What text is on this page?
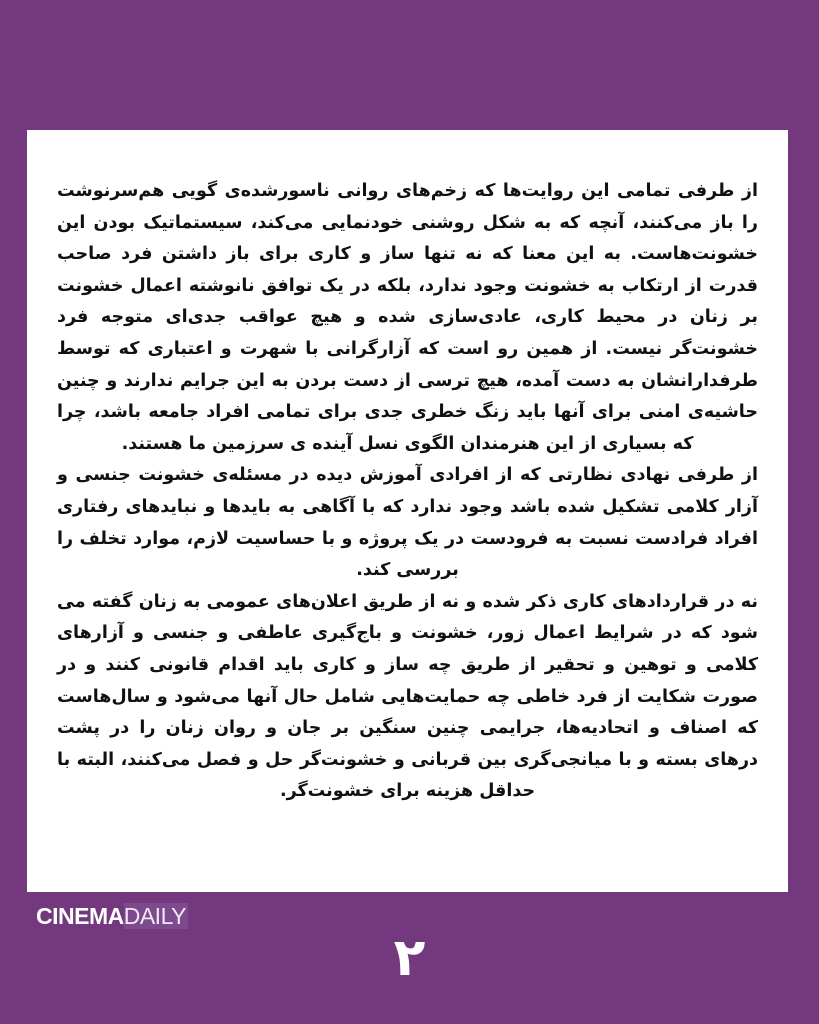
از طرفی تمامی این روایت‌ها که زخم‌های روانی ناسورشده‌ی گویی هم‌سرنوشت را باز می‌کنند، آنچه که به شکل روشنی خودنمایی می‌کند، سیستماتیک بودن این خشونت‌هاست. به این معنا که نه تنها ساز و کاری برای باز داشتن فرد صاحب قدرت از ارتکاب به خشونت وجود ندارد، بلکه در یک توافق نانوشته اعمال خشونت بر زنان در محیط کاری، عادی‌سازی شده و هیچ عواقب جدی‌ای متوجه فرد خشونت‌گر نیست. از همین رو است که آزارگرانی با شهرت و اعتباری که توسط طرفدارانشان به دست آمده، هیچ ترسی از دست بردن به این جرایم ندارند و چنین حاشیه‌ی امنی برای آنها باید زنگ خطری جدی برای تمامی افراد جامعه باشد، چرا که بسیاری از این هنرمندان الگوی نسل آینده ی سرزمین ما هستند.

از طرفی نهادی نظارتی که از افرادی آموزش دیده در مسئله‌ی خشونت جنسی و آزار کلامی تشکیل شده باشد وجود ندارد که با آگاهی به بایدها و نبایدهای رفتاری افراد فرادست نسبت به فرودست در یک پروژه و با حساسیت لازم، موارد تخلف را بررسی کند.

نه در قراردادهای کاری ذکر شده و نه از طریق اعلان‌های عمومی به زنان گفته می شود که در شرایط اعمال زور، خشونت و باج‌گیری عاطفی و جنسی و آزارهای کلامی و توهین و تحقیر از طریق چه ساز و کاری باید اقدام قانونی کنند و در صورت شکایت از فرد خاطی چه حمایت‌هایی شامل حال آنها می‌شود و سال‌هاست که اصناف و اتحادیه‌ها، جرایمی چنین سنگین بر جان و روان زنان را در پشت درهای بسته و با میانجی‌گری بین قربانی و خشونت‌گر حل و فصل می‌کنند، البته با حداقل هزینه برای خشونت‌گر.

CINEMA DAILY
۲
